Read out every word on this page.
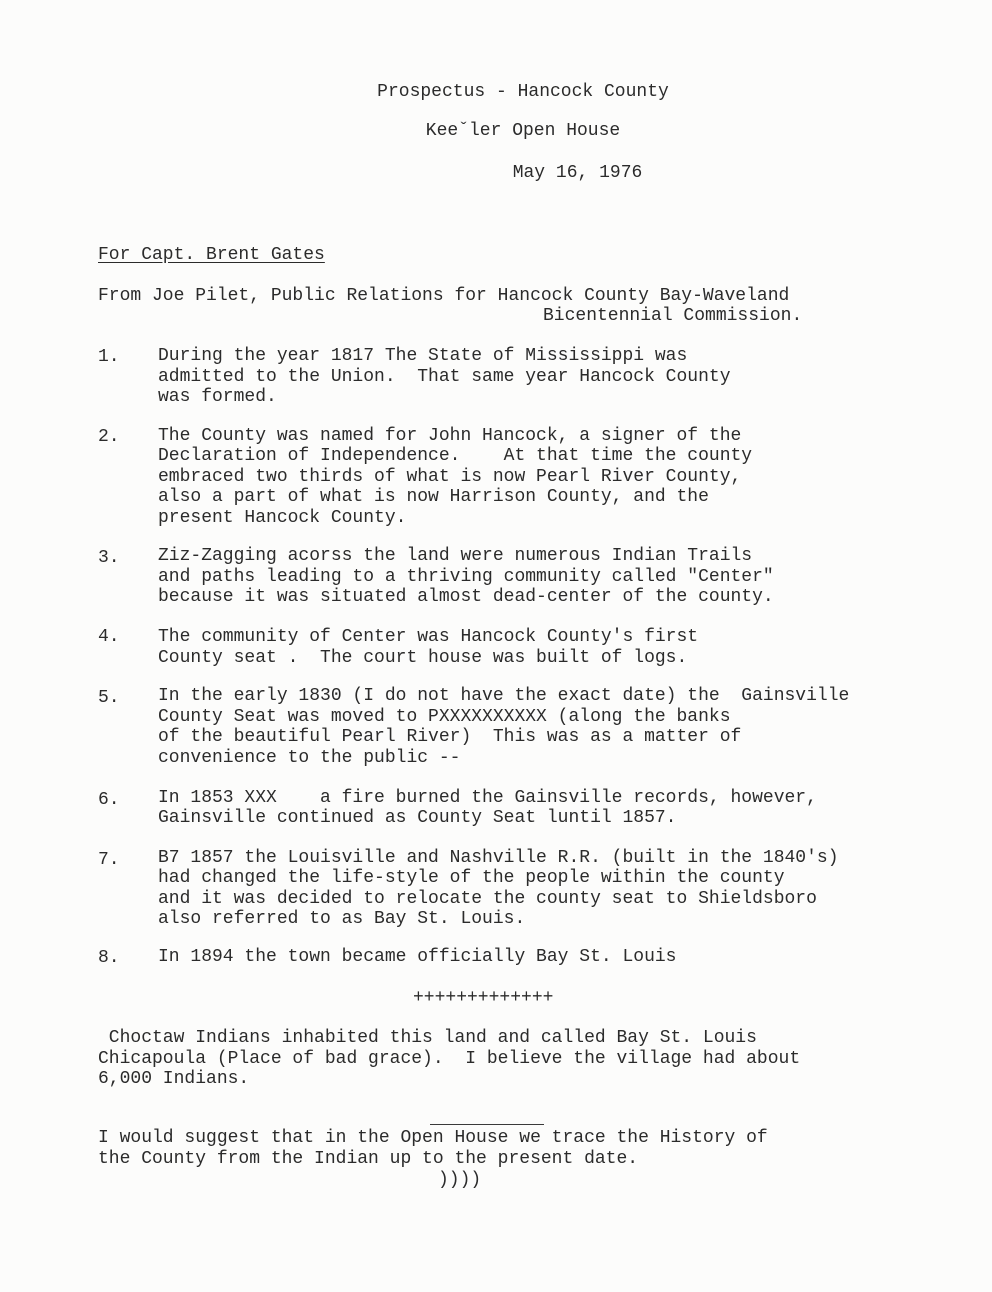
Prospectus - Hancock County
Keeˇler Open House
May 16, 1976
For Capt. Brent Gates
From Joe Pilet, Public Relations for Hancock County Bay-Waveland
Bicentennial Commission.
1. During the year 1817 The State of Mississippi was
admitted to the Union.  That same year Hancock County
was formed.
2. The County was named for John Hancock, a signer of the
Declaration of Independence.    At that time the county
embraced two thirds of what is now Pearl River County,
also a part of what is now Harrison County, and the
present Hancock County.
3. Ziz-Zagging acorss the land were numerous Indian Trails
and paths leading to a thriving community called "Center"
because it was situated almost dead-center of the county.
4. The community of Center was Hancock County's first
County seat .  The court house was built of logs.
5. In the early 1830 (I do not have the exact date) the  Gainsville
County Seat was moved to PXXXXXXXXXX (along the banks
of the beautiful Pearl River)  This was as a matter of
convenience to the public --
6. In 1853 XXX    a fire burned the Gainsville records, however,
Gainsville continued as County Seat luntil 1857.
7. B7 1857 the Louisville and Nashville R.R. (built in the 1840's)
had changed the life-style of the people within the county
and it was decided to relocate the county seat to Shieldsboro
also referred to as Bay St. Louis.
8. In 1894 the town became officially Bay St. Louis
+++++++++++++
Choctaw Indians inhabited this land and called Bay St. Louis
Chicapoula (Place of bad grace).  I believe the village had about
6,000 Indians.
I would suggest that in the Open House we trace the History of
the County from the Indian up to the present date.
))))
